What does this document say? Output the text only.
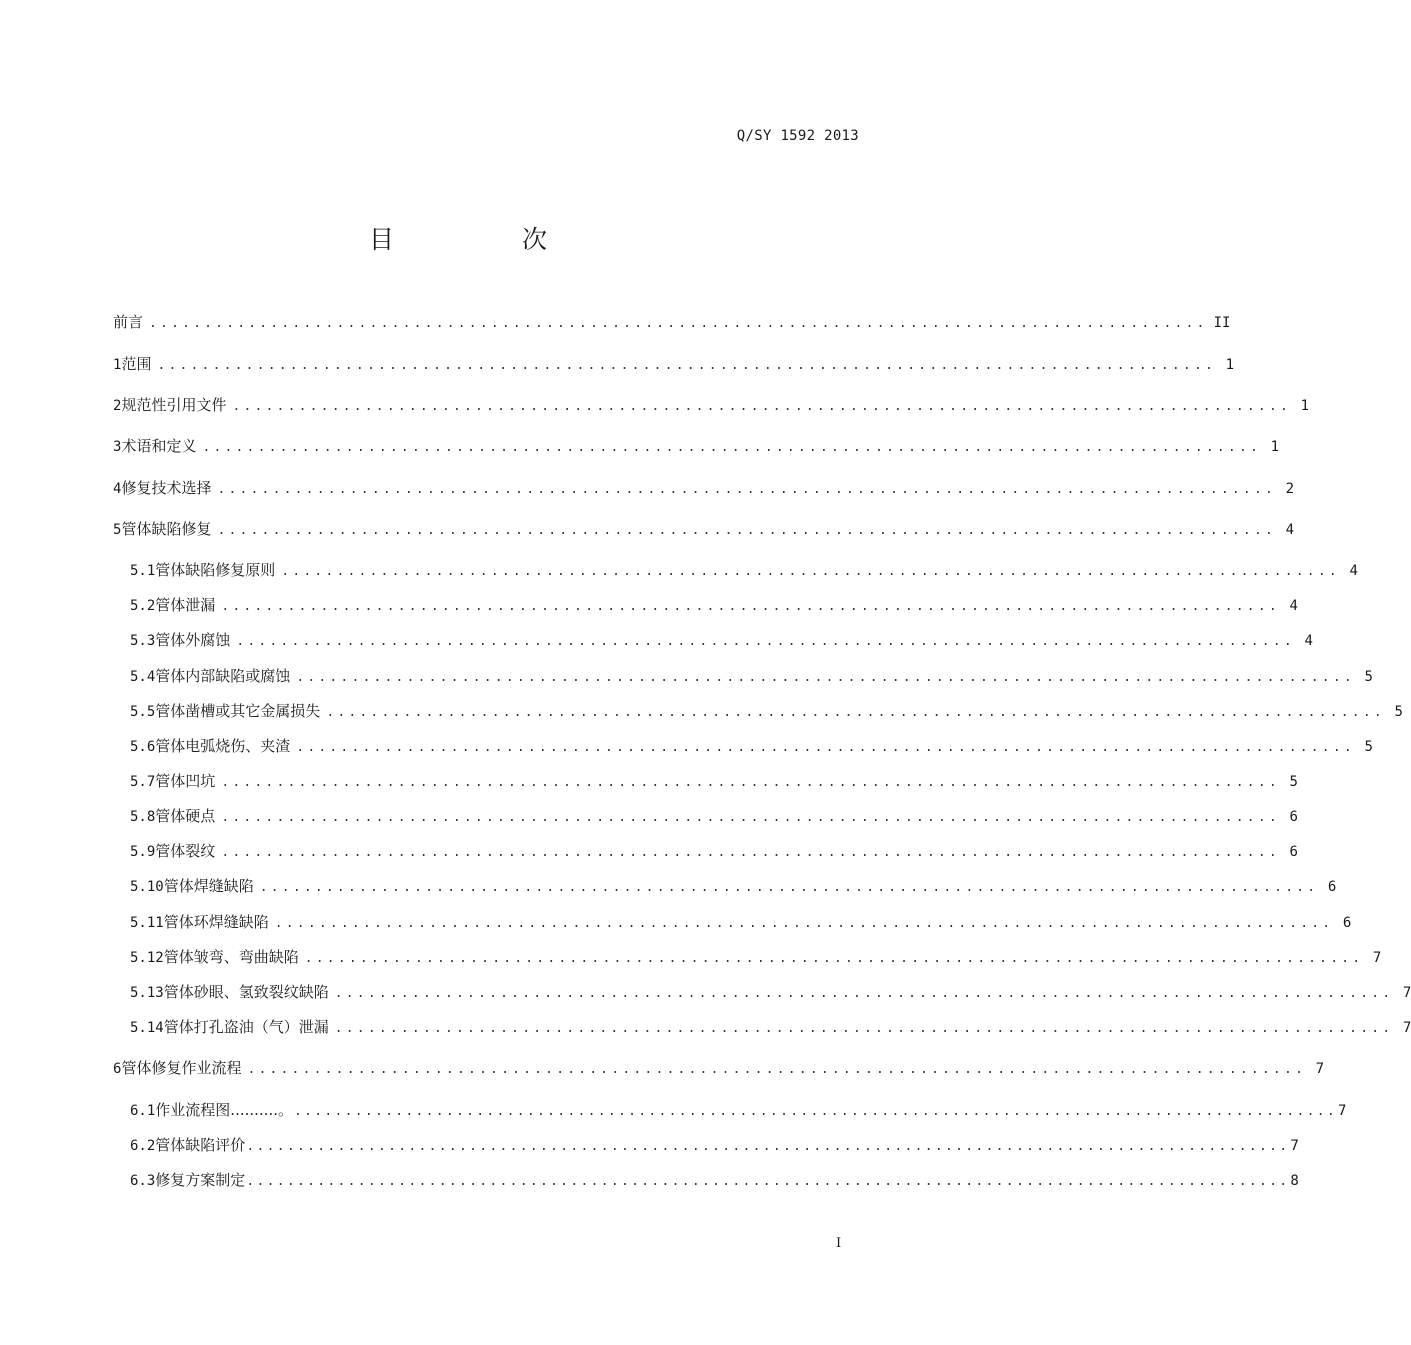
Q/SY 1592 2013
目 次
前言 ................................................................................................ II
1 范围 ................................................................................................ 1
2 规范性引用文件 ................................................................................................ 1
3 术语和定义 ................................................................................................ 1
4 修复技术选择 ................................................................................................ 2
5 管体缺陷修复 ................................................................................................ 4
5.1 管体缺陷修复原则 ................................................................................................ 4
5.2 管体泄漏 ................................................................................................ 4
5.3 管体外腐蚀 ................................................................................................ 4
5.4 管体内部缺陷或腐蚀 ................................................................................................ 5
5.5 管体凿槽或其它金属损失 ................................................................................................ 5
5.6 管体电弧烧伤、夹渣 ................................................................................................ 5
5.7 管体凹坑 ................................................................................................ 5
5.8 管体硬点 ................................................................................................ 6
5.9 管体裂纹 ................................................................................................ 6
5.10 管体焊缝缺陷 ................................................................................................ 6
5.11 管体环焊缝缺陷 ................................................................................................ 6
5.12 管体皱弯、弯曲缺陷 ................................................................................................ 7
5.13 管体砂眼、氢致裂纹缺陷 ................................................................................................ 7
5.14 管体打孔盗油（气）泄漏 ................................................................................................ 7
6 管体修复作业流程 ................................................................................................ 7
6.1 作业流程图..........。 ....................................................................................................... 7
6.2 管体缺陷评价 ....................................................................................................... 7
6.3 修复方案制定 ....................................................................................................... 8
I
